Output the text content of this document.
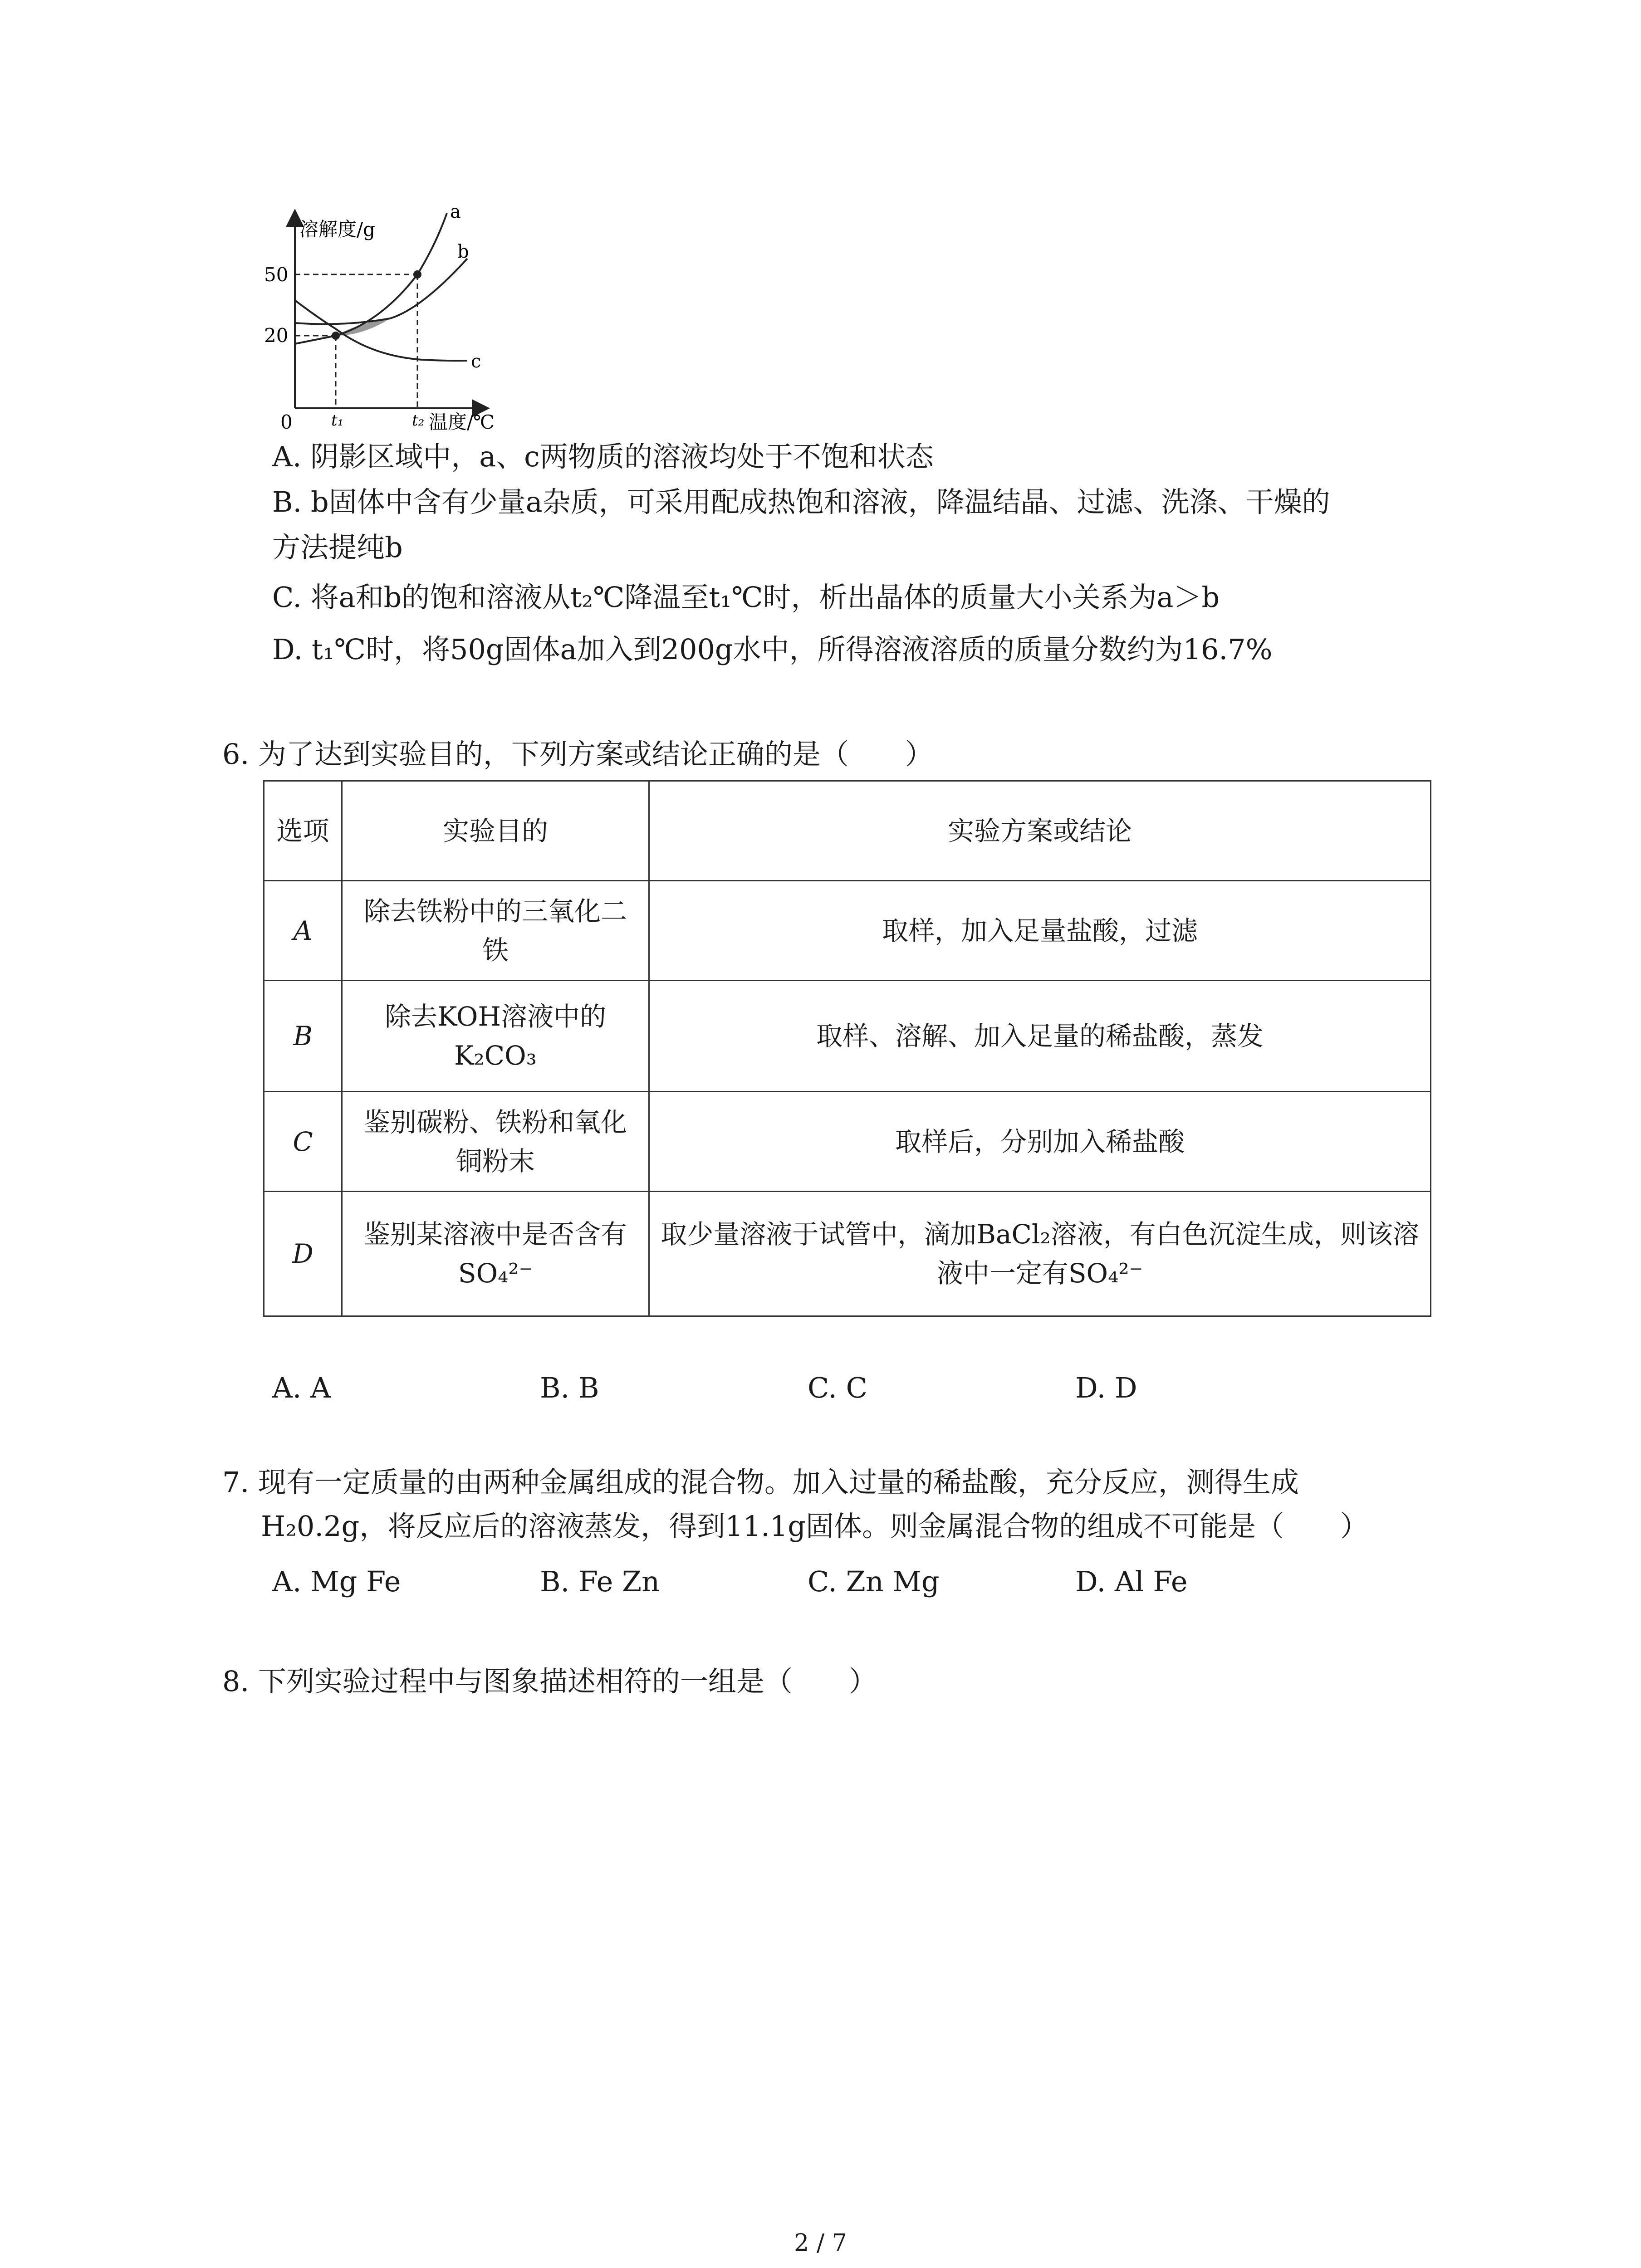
溶解度/g
温度/℃
50
20
0	t₁	t₂
a
b
c
A. 阴影区域中，a、c两物质的溶液均处于不饱和状态
B. b固体中含有少量a杂质，可采用配成热饱和溶液，降温结晶、过滤、洗涤、干燥的
方法提纯b
C. 将a和b的饱和溶液从t₂℃降温至t₁℃时，析出晶体的质量大小关系为a＞b
D. t₁℃时，将50g固体a加入到200g水中，所得溶液溶质的质量分数约为16.7%
6. 为了达到实验目的，下列方案或结论正确的是（　　）
选项	实验目的	实验方案或结论
A	除去铁粉中的三氧化二铁	取样，加入足量盐酸，过滤
B	除去KOH溶液中的K₂CO₃	取样、溶解、加入足量的稀盐酸，蒸发
C	鉴别碳粉、铁粉和氧化铜粉末	取样后，分别加入稀盐酸
D	鉴别某溶液中是否含有SO₄²⁻	取少量溶液于试管中，滴加BaCl₂溶液，有白色沉淀生成，则该溶液中一定有SO₄²⁻
A. A	B. B	C. C	D. D
7. 现有一定质量的由两种金属组成的混合物。加入过量的稀盐酸，充分反应，测得生成
H₂0.2g，将反应后的溶液蒸发，得到11.1g固体。则金属混合物的组成不可能是（　　）
A. Mg Fe	B. Fe Zn	C. Zn Mg	D. Al Fe
8. 下列实验过程中与图象描述相符的一组是（　　）
2 / 7
